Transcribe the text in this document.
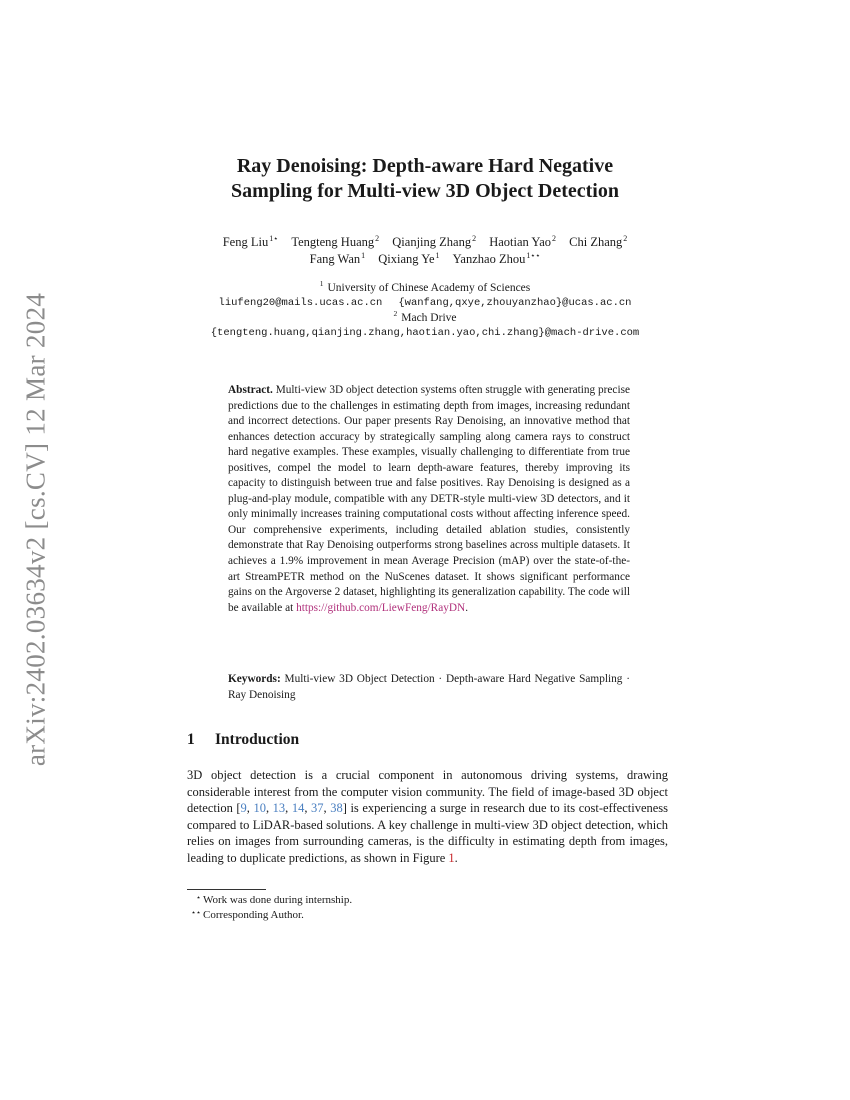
arXiv:2402.03634v2 [cs.CV] 12 Mar 2024
Ray Denoising: Depth-aware Hard Negative
Sampling for Multi-view 3D Object Detection
Feng Liu$^{1⋆}$ Tengteng Huang$^2$ Qianjing Zhang$^2$ Haotian Yao$^2$ Chi Zhang$^2$
Fang Wan$^1$ Qixiang Ye$^1$ Yanzhao Zhou$^{1⋆⋆}$
$^1$ University of Chinese Academy of Sciences
liufeng20@mails.ucas.ac.cn {wanfang,qxye,zhouyanzhao}@ucas.ac.cn
$^2$ Mach Drive
{tengteng.huang,qianjing.zhang,haotian.yao,chi.zhang}@mach-drive.com
Abstract. Multi-view 3D object detection systems often struggle with generating precise predictions due to the challenges in estimating depth from images, increasing redundant and incorrect detections. Our paper presents Ray Denoising, an innovative method that enhances detection accuracy by strategically sampling along camera rays to construct hard negative examples. These examples, visually challenging to differentiate from true positives, compel the model to learn depth-aware features, thereby improving its capacity to distinguish between true and false positives. Ray Denoising is designed as a plug-and-play module, compatible with any DETR-style multi-view 3D detectors, and it only minimally increases training computational costs without affecting inference speed. Our comprehensive experiments, including detailed ablation studies, consistently demonstrate that Ray Denoising outperforms strong baselines across multiple datasets. It achieves a 1.9% improvement in mean Average Precision (mAP) over the state-of-the-art StreamPETR method on the NuScenes dataset. It shows significant performance gains on the Argoverse 2 dataset, highlighting its generalization capability. The code will be available at https://github.com/LiewFeng/RayDN.
Keywords: Multi-view 3D Object Detection · Depth-aware Hard Negative Sampling · Ray Denoising
1 Introduction
3D object detection is a crucial component in autonomous driving systems, drawing considerable interest from the computer vision community. The field of image-based 3D object detection [9, 10, 13, 14, 37, 38] is experiencing a surge in research due to its cost-effectiveness compared to LiDAR-based solutions. A key challenge in multi-view 3D object detection, which relies on images from surrounding cameras, is the difficulty in estimating depth from images, leading to duplicate predictions, as shown in Figure 1.
⋆ Work was done during internship.
⋆⋆ Corresponding Author.
